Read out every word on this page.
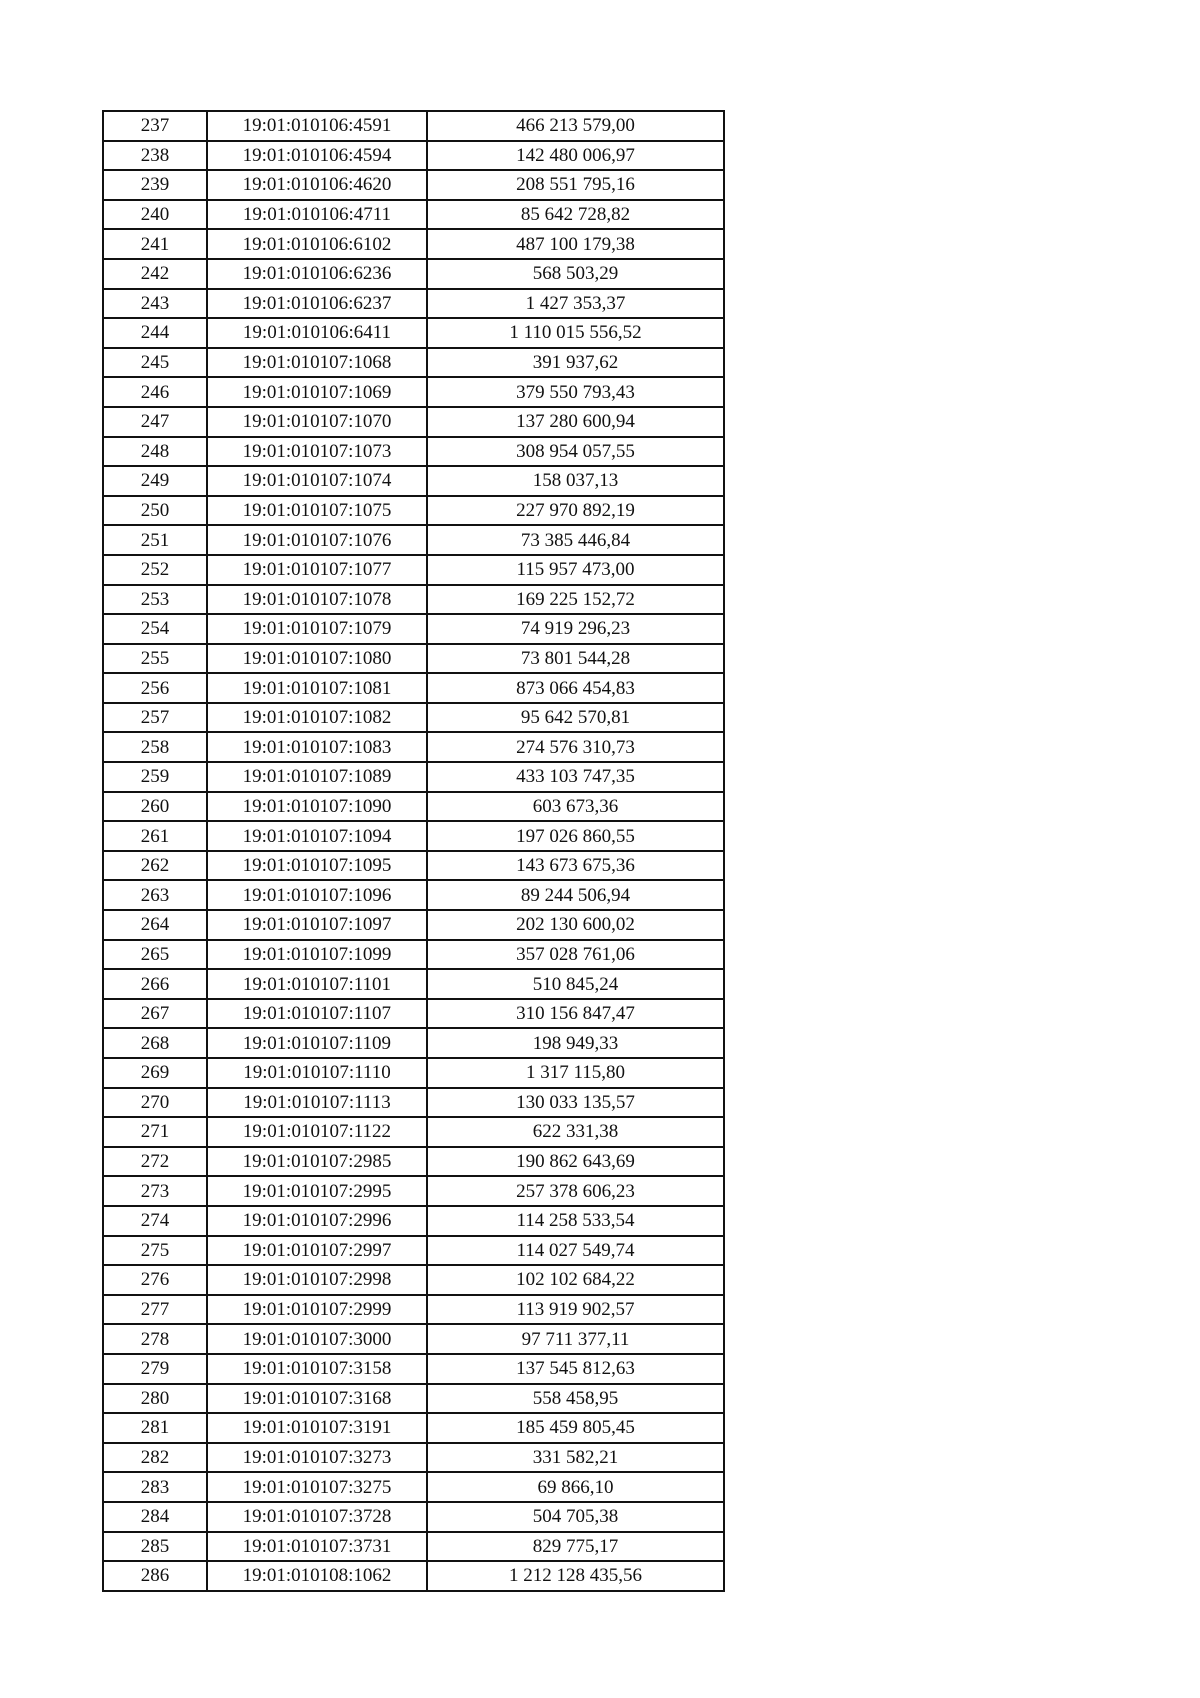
237	19:01:010106:4591	466 213 579,00
238	19:01:010106:4594	142 480 006,97
239	19:01:010106:4620	208 551 795,16
240	19:01:010106:4711	85 642 728,82
241	19:01:010106:6102	487 100 179,38
242	19:01:010106:6236	568 503,29
243	19:01:010106:6237	1 427 353,37
244	19:01:010106:6411	1 110 015 556,52
245	19:01:010107:1068	391 937,62
246	19:01:010107:1069	379 550 793,43
247	19:01:010107:1070	137 280 600,94
248	19:01:010107:1073	308 954 057,55
249	19:01:010107:1074	158 037,13
250	19:01:010107:1075	227 970 892,19
251	19:01:010107:1076	73 385 446,84
252	19:01:010107:1077	115 957 473,00
253	19:01:010107:1078	169 225 152,72
254	19:01:010107:1079	74 919 296,23
255	19:01:010107:1080	73 801 544,28
256	19:01:010107:1081	873 066 454,83
257	19:01:010107:1082	95 642 570,81
258	19:01:010107:1083	274 576 310,73
259	19:01:010107:1089	433 103 747,35
260	19:01:010107:1090	603 673,36
261	19:01:010107:1094	197 026 860,55
262	19:01:010107:1095	143 673 675,36
263	19:01:010107:1096	89 244 506,94
264	19:01:010107:1097	202 130 600,02
265	19:01:010107:1099	357 028 761,06
266	19:01:010107:1101	510 845,24
267	19:01:010107:1107	310 156 847,47
268	19:01:010107:1109	198 949,33
269	19:01:010107:1110	1 317 115,80
270	19:01:010107:1113	130 033 135,57
271	19:01:010107:1122	622 331,38
272	19:01:010107:2985	190 862 643,69
273	19:01:010107:2995	257 378 606,23
274	19:01:010107:2996	114 258 533,54
275	19:01:010107:2997	114 027 549,74
276	19:01:010107:2998	102 102 684,22
277	19:01:010107:2999	113 919 902,57
278	19:01:010107:3000	97 711 377,11
279	19:01:010107:3158	137 545 812,63
280	19:01:010107:3168	558 458,95
281	19:01:010107:3191	185 459 805,45
282	19:01:010107:3273	331 582,21
283	19:01:010107:3275	69 866,10
284	19:01:010107:3728	504 705,38
285	19:01:010107:3731	829 775,17
286	19:01:010108:1062	1 212 128 435,56
